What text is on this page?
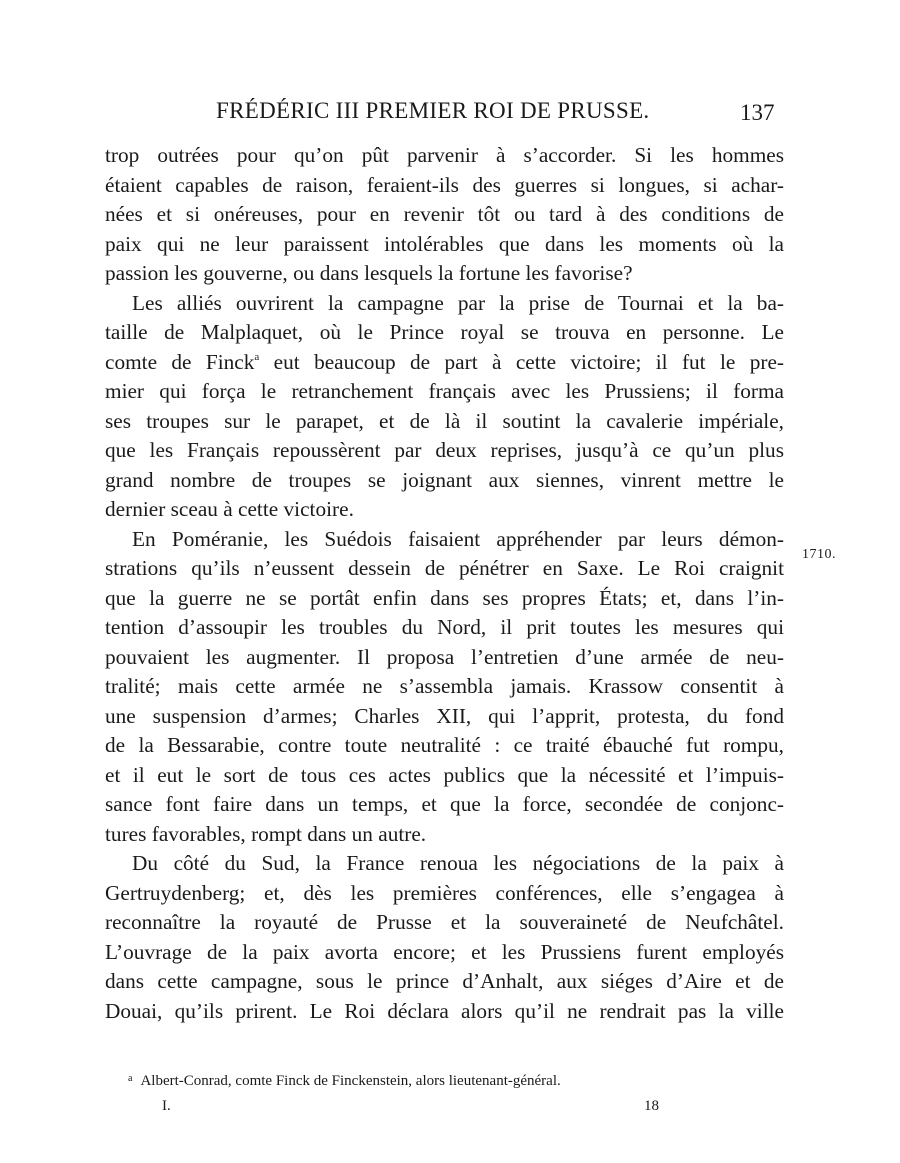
FRÉDÉRIC III PREMIER ROI DE PRUSSE.	137
1710.
trop outrées pour qu’on pût parvenir à s’accorder. Si les hommes
étaient capables de raison, feraient-ils des guerres si longues, si achar-
nées et si onéreuses, pour en revenir tôt ou tard à des conditions de
paix qui ne leur paraissent intolérables que dans les moments où la
passion les gouverne, ou dans lesquels la fortune les favorise?
Les alliés ouvrirent la campagne par la prise de Tournai et la ba-
taille de Malplaquet, où le Prince royal se trouva en personne. Le
comte de Finck$^a$ eut beaucoup de part à cette victoire; il fut le pre-
mier qui força le retranchement français avec les Prussiens; il forma
ses troupes sur le parapet, et de là il soutint la cavalerie impériale,
que les Français repoussèrent par deux reprises, jusqu’à ce qu’un plus
grand nombre de troupes se joignant aux siennes, vinrent mettre le
dernier sceau à cette victoire.
En Poméranie, les Suédois faisaient appréhender par leurs démon-
strations qu’ils n’eussent dessein de pénétrer en Saxe. Le Roi craignit
que la guerre ne se portât enfin dans ses propres États; et, dans l’in-
tention d’assoupir les troubles du Nord, il prit toutes les mesures qui
pouvaient les augmenter. Il proposa l’entretien d’une armée de neu-
tralité; mais cette armée ne s’assembla jamais. Krassow consentit à
une suspension d’armes; Charles XII, qui l’apprit, protesta, du fond
de la Bessarabie, contre toute neutralité : ce traité ébauché fut rompu,
et il eut le sort de tous ces actes publics que la nécessité et l’impuis-
sance font faire dans un temps, et que la force, secondée de conjonc-
tures favorables, rompt dans un autre.
Du côté du Sud, la France renoua les négociations de la paix à
Gertruydenberg; et, dès les premières conférences, elle s’engagea à
reconnaître la royauté de Prusse et la souveraineté de Neufchâtel.
L’ouvrage de la paix avorta encore; et les Prussiens furent employés
dans cette campagne, sous le prince d’Anhalt, aux siéges d’Aire et de
Douai, qu’ils prirent. Le Roi déclara alors qu’il ne rendrait pas la ville
$^a$ Albert-Conrad, comte Finck de Finckenstein, alors lieutenant-général.
I.	18
